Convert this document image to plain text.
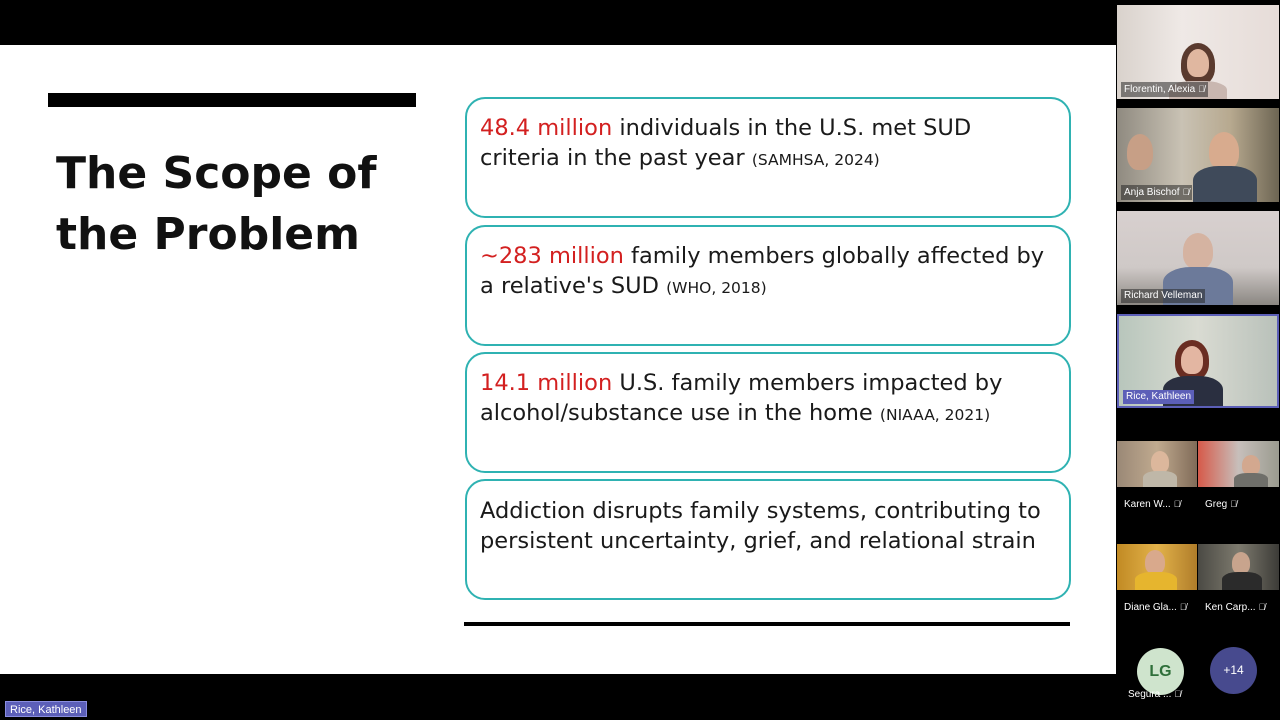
The Scope of the Problem
48.4 million individuals in the U.S. met SUD criteria in the past year (SAMHSA, 2024)
~283 million family members globally affected by a relative's SUD (WHO, 2018)
14.1 million U.S. family members impacted by alcohol/substance use in the home (NIAAA, 2021)
Addiction disrupts family systems, contributing to persistent uncertainty, grief, and relational strain
Rice, Kathleen
Florentin, Alexia 🎙̸
Anja Bischof 🎙̸
Richard Velleman
Rice, Kathleen
Karen W... 🎙̸	Greg 🎙̸
Diane Gla... 🎙̸	Ken Carp... 🎙̸
LG
Segura ... 🎙̸
+14
